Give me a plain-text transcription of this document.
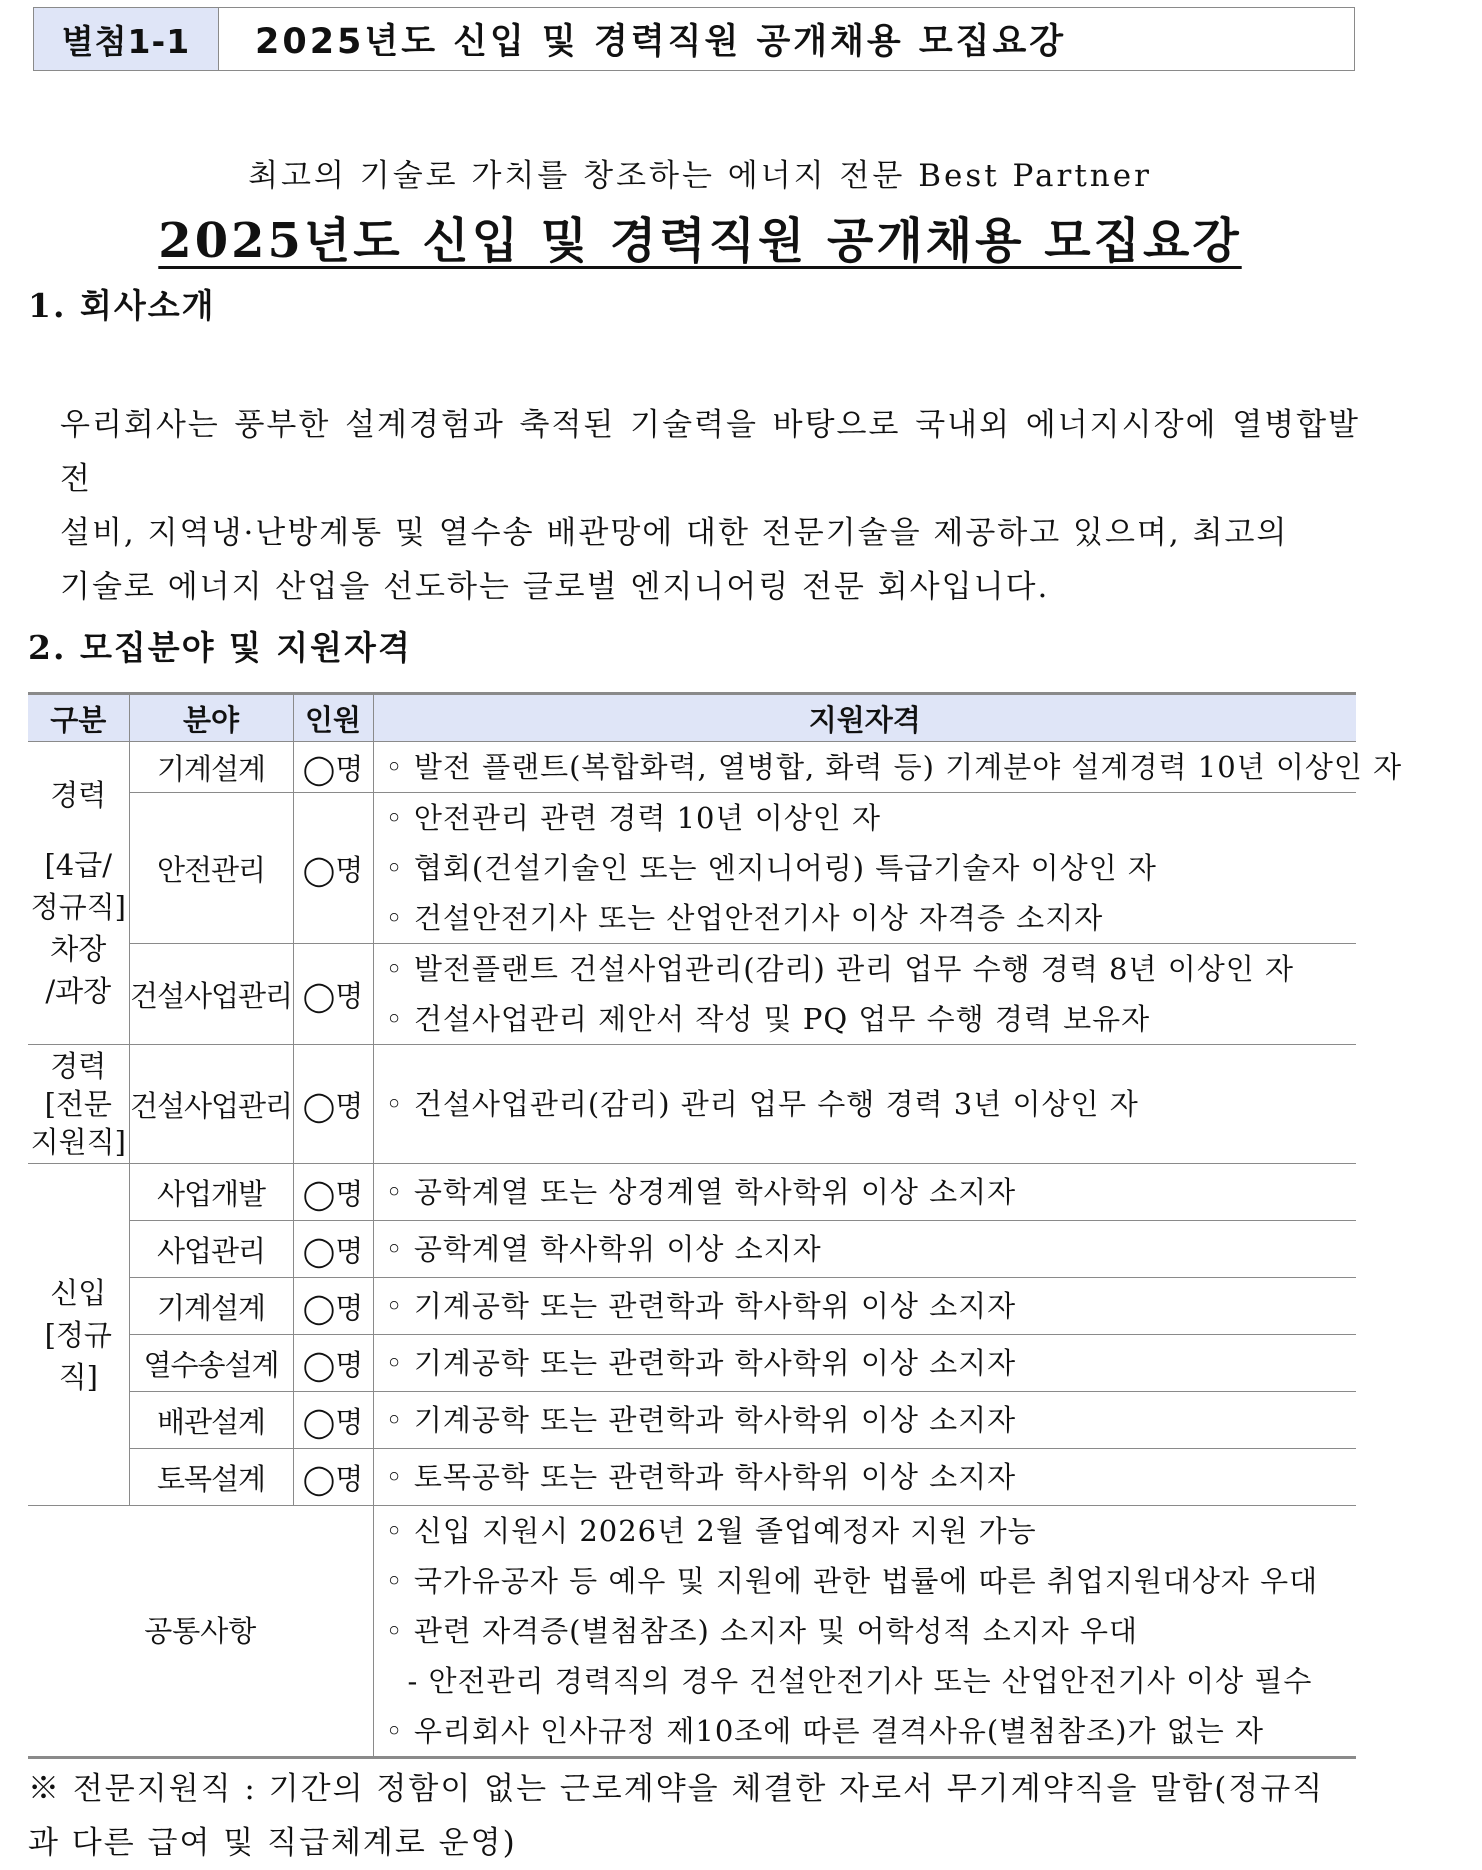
별첨1-1	2025년도 신입 및 경력직원 공개채용 모집요강
최고의 기술로 가치를 창조하는 에너지 전문 Best Partner
2025년도 신입 및 경력직원 공개채용 모집요강
1. 회사소개

우리회사는 풍부한 설계경험과 축적된 기술력을 바탕으로 국내외 에너지시장에 열병합발전

설비, 지역냉·난방계통 및 열수송 배관망에 대한 전문기술을 제공하고 있으며, 최고의

기술로 에너지 산업을 선도하는 글로벌 엔지니어링 전문 회사입니다.

2. 모집분야 및 지원자격
구분	분야	인원	지원자격

경력
[4급/
정규직]
차장
/과장	기계설계	◯명	◦ 발전 플랜트(복합화력, 열병합, 화력 등) 기계분야 설계경력 10년 이상인 자

	안전관리	◯명	◦ 안전관리 관련 경력 10년 이상인 자
◦ 협회(건설기술인 또는 엔지니어링) 특급기술자 이상인 자
◦ 건설안전기사 또는 산업안전기사 이상 자격증 소지자

	건설사업관리	◯명	◦ 발전플랜트 건설사업관리(감리) 관리 업무 수행 경력 8년 이상인 자
◦ 건설사업관리 제안서 작성 및 PQ 업무 수행 경력 보유자

경력
[전문
지원직]	건설사업관리	◯명	◦ 건설사업관리(감리) 관리 업무 수행 경력 3년 이상인 자

신입
[정규직]	사업개발	◯명	◦ 공학계열 또는 상경계열 학사학위 이상 소지자

	사업관리	◯명	◦ 공학계열 학사학위 이상 소지자

	기계설계	◯명	◦ 기계공학 또는 관련학과 학사학위 이상 소지자

	열수송설계	◯명	◦ 기계공학 또는 관련학과 학사학위 이상 소지자

	배관설계	◯명	◦ 기계공학 또는 관련학과 학사학위 이상 소지자

	토목설계	◯명	◦ 토목공학 또는 관련학과 학사학위 이상 소지자

공통사항			◦ 신입 지원시 2026년 2월 졸업예정자 지원 가능
◦ 국가유공자 등 예우 및 지원에 관한 법률에 따른 취업지원대상자 우대
◦ 관련 자격증(별첨참조) 소지자 및 어학성적 소지자 우대
- 안전관리 경력직의 경우 건설안전기사 또는 산업안전기사 이상 필수
◦ 우리회사 인사규정 제10조에 따른 결격사유(별첨참조)가 없는 자

※ 전문지원직 : 기간의 정함이 없는 근로계약을 체결한 자로서 무기계약직을 말함(정규직

과 다른 급여 및 직급체계로 운영)
